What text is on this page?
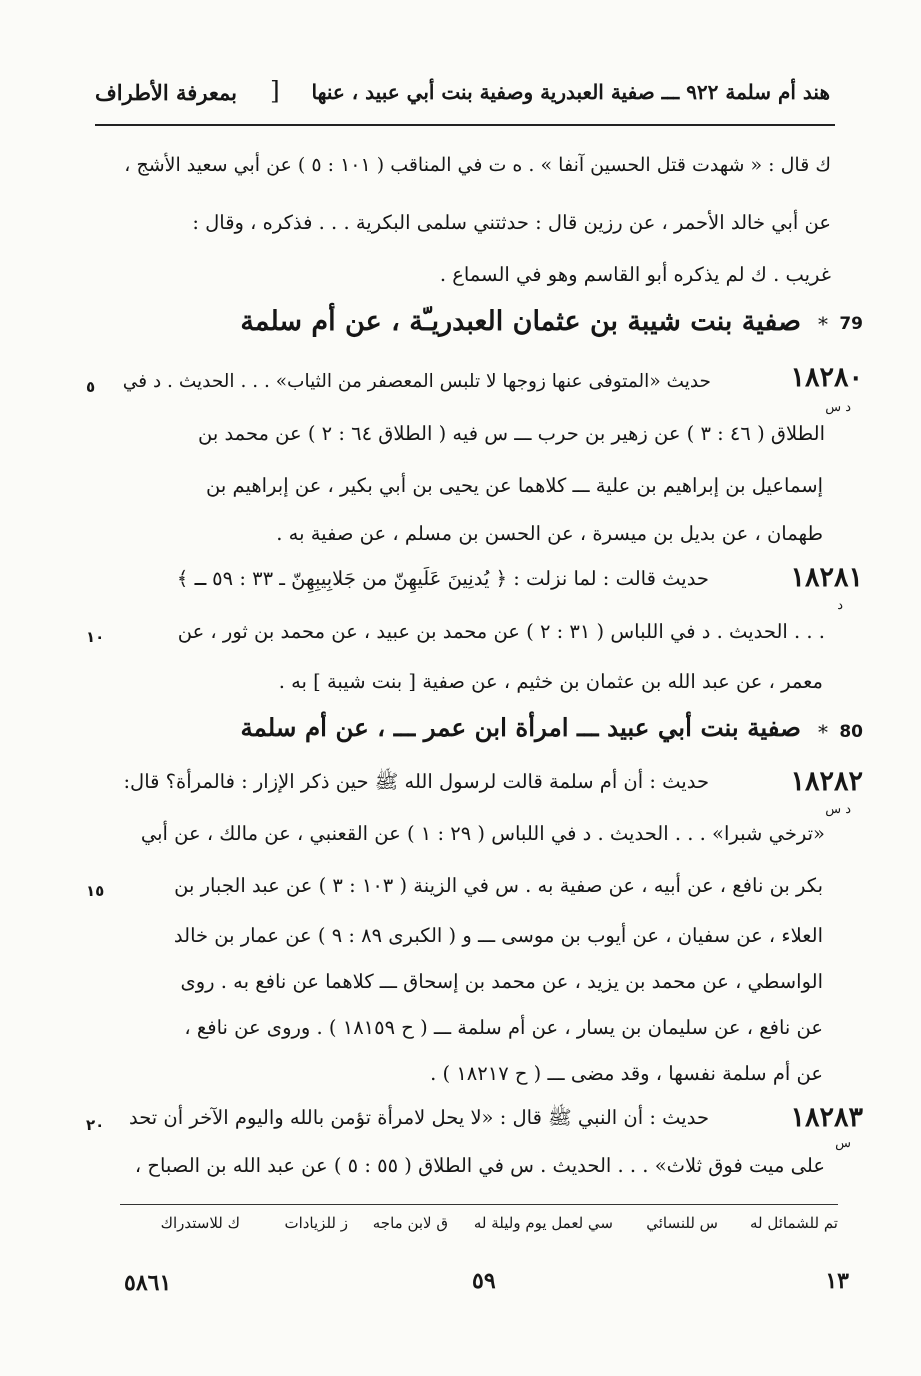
بمعرفة الأطراف ] هند أم سلمة ٩٢٢ ـــ صفية العبدرية وصفية بنت أبي عبيد ، عنها
ك قال : « شهدت قتل الحسين آنفا » . ه ت في المناقب ( ١٠١ : ٥ ) عن أبي سعيد الأشج ،
عن أبي خالد الأحمر ، عن رزين قال : حدثتني سلمى البكرية . . . فذكره ، وقال :
غريب . ك لم يذكره أبو القاسم وهو في السماع .
79
*
صفية بنت شيبة بن عثمان العبدريـّة ، عن أم سلمة
١٨٢٨٠
د س
٥ حديث «المتوفى عنها زوجها لا تلبس المعصفر من الثياب» . . . الحديث . د في
الطلاق ( ٤٦ : ٣ ) عن زهير بن حرب ـــ س فيه ( الطلاق ٦٤ : ٢ ) عن محمد بن
إسماعيل بن إبراهيم بن علية ـــ كلاهما عن يحيى بن أبي بكير ، عن إبراهيم بن
طهمان ، عن بديل بن ميسرة ، عن الحسن بن مسلم ، عن صفية به .
١٨٢٨١
د
١٠
حديث قالت : لما نزلت : ﴿ يُدنِينَ عَلَيهِنّ من جَلابِيبِهِنّ ـ ٣٣ : ٥٩ ـ ﴾
. . . الحديث . د في اللباس ( ٣١ : ٢ ) عن محمد بن عبيد ، عن محمد بن ثور ، عن
معمر ، عن عبد الله بن عثمان بن خثيم ، عن صفية [ بنت شيبة ] به .
80
*
صفية بنت أبي عبيد ـــ امرأة ابن عمر ـــ ، عن أم سلمة
١٨٢٨٢
د س
١٥
حديث : أن أم سلمة قالت لرسول الله ﷺ حين ذكر الإزار : فالمرأة؟ قال:
«ترخي شبرا» . . . الحديث . د في اللباس ( ٢٩ : ١ ) عن القعنبي ، عن مالك ، عن أبي
بكر بن نافع ، عن أبيه ، عن صفية به . س في الزينة ( ١٠٣ : ٣ ) عن عبد الجبار بن
العلاء ، عن سفيان ، عن أيوب بن موسى ـــ و ( الكبرى ٨٩ : ٩ ) عن عمار بن خالد
الواسطي ، عن محمد بن يزيد ، عن محمد بن إسحاق ـــ كلاهما عن نافع به . روى
عن نافع ، عن سليمان بن يسار ، عن أم سلمة ـــ ( ح ١٨١٥٩ ) . وروى عن نافع ،
عن أم سلمة نفسها ، وقد مضى ـــ ( ح ١٨٢١٧ ) .
١٨٢٨٣
س
٢٠ حديث : أن النبي ﷺ قال : «لا يحل لامرأة تؤمن بالله واليوم الآخر أن تحد
على ميت فوق ثلاث» . . . الحديث . س في الطلاق ( ٥٥ : ٥ ) عن عبد الله بن الصباح ،
تم للشمائل له
س للنسائي
سي لعمل يوم وليلة له
ق لابن ماجه
ز للزيادات
ك للاستدراك
١٣
٥٩
٥٨٦١
